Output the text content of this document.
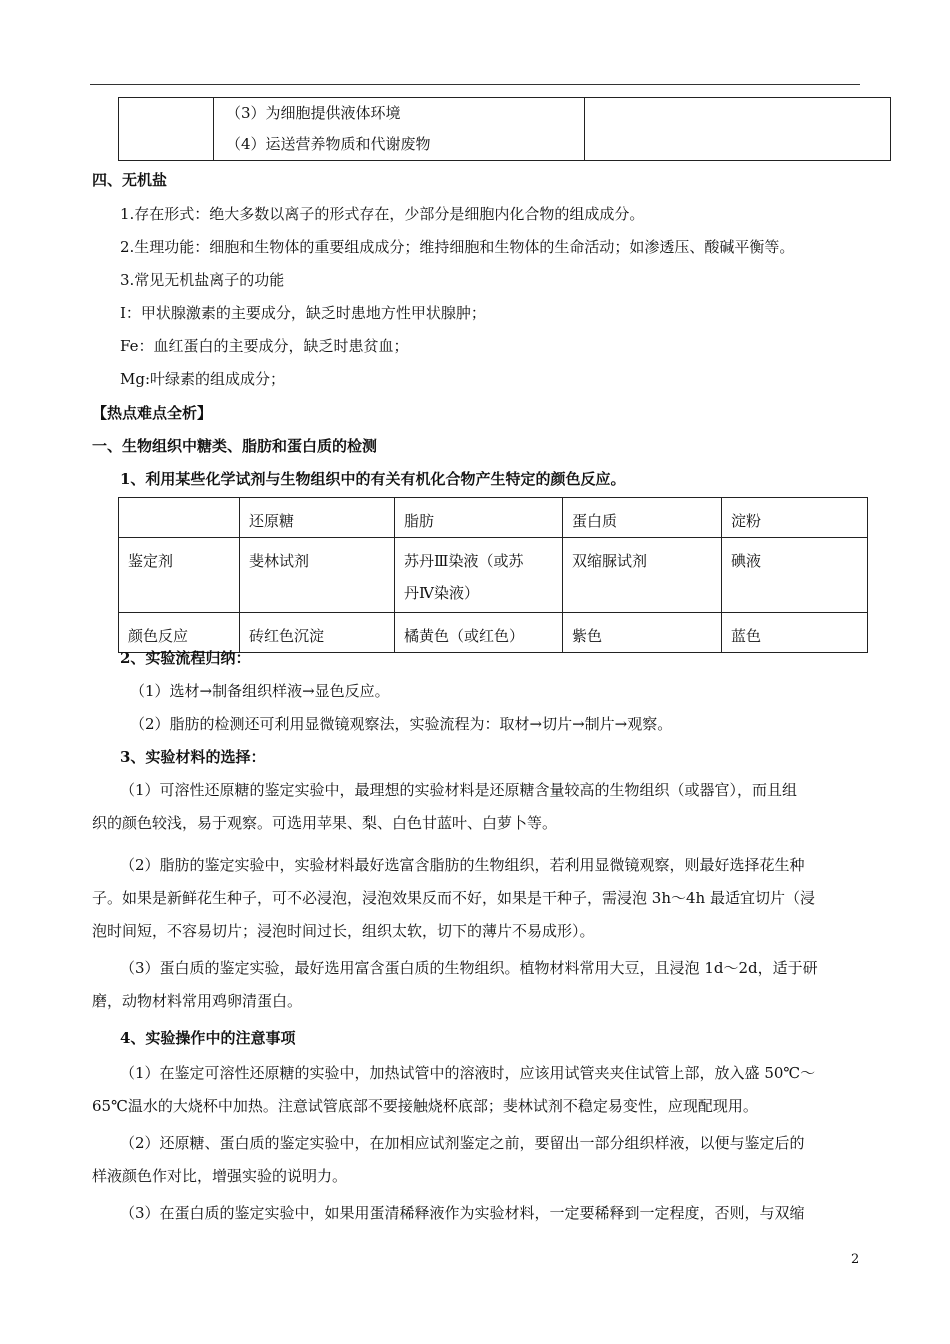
（3）为细胞提供液体环境
（4）运送营养物质和代谢废物

四、无机盐
1.存在形式：绝大多数以离子的形式存在，少部分是细胞内化合物的组成成分。
2.生理功能：细胞和生物体的重要组成成分；维持细胞和生物体的生命活动；如渗透压、酸碱平衡等。
3.常见无机盐离子的功能
I：甲状腺激素的主要成分，缺乏时患地方性甲状腺肿；
Fe：血红蛋白的主要成分，缺乏时患贫血；
Mg:叶绿素的组成成分；
【热点难点全析】
一、生物组织中糖类、脂肪和蛋白质的检测
1、利用某些化学试剂与生物组织中的有关有机化合物产生特定的颜色反应。
	还原糖	脂肪	蛋白质	淀粉
鉴定剂	斐林试剂	苏丹Ⅲ染液（或苏
丹Ⅳ染液）	双缩脲试剂	碘液
颜色反应	砖红色沉淀	橘黄色（或红色）	紫色	蓝色
2、实验流程归纳：
（1）选材→制备组织样液→显色反应。
（2）脂肪的检测还可利用显微镜观察法，实验流程为：取材→切片→制片→观察。
3、实验材料的选择：
（1）可溶性还原糖的鉴定实验中，最理想的实验材料是还原糖含量较高的生物组织（或器官），而且组
织的颜色较浅，易于观察。可选用苹果、梨、白色甘蓝叶、白萝卜等。
（2）脂肪的鉴定实验中，实验材料最好选富含脂肪的生物组织，若利用显微镜观察，则最好选择花生种
子。如果是新鲜花生种子，可不必浸泡，浸泡效果反而不好，如果是干种子，需浸泡 3h～4h 最适宜切片（浸
泡时间短，不容易切片；浸泡时间过长，组织太软，切下的薄片不易成形）。
（3）蛋白质的鉴定实验，最好选用富含蛋白质的生物组织。植物材料常用大豆，且浸泡 1d～2d，适于研
磨，动物材料常用鸡卵清蛋白。
4、实验操作中的注意事项
（1）在鉴定可溶性还原糖的实验中，加热试管中的溶液时，应该用试管夹夹住试管上部，放入盛 50℃～
65℃温水的大烧杯中加热。注意试管底部不要接触烧杯底部；斐林试剂不稳定易变性，应现配现用。
（2）还原糖、蛋白质的鉴定实验中，在加相应试剂鉴定之前，要留出一部分组织样液，以便与鉴定后的
样液颜色作对比，增强实验的说明力。
（3）在蛋白质的鉴定实验中，如果用蛋清稀释液作为实验材料，一定要稀释到一定程度，否则，与双缩
2
